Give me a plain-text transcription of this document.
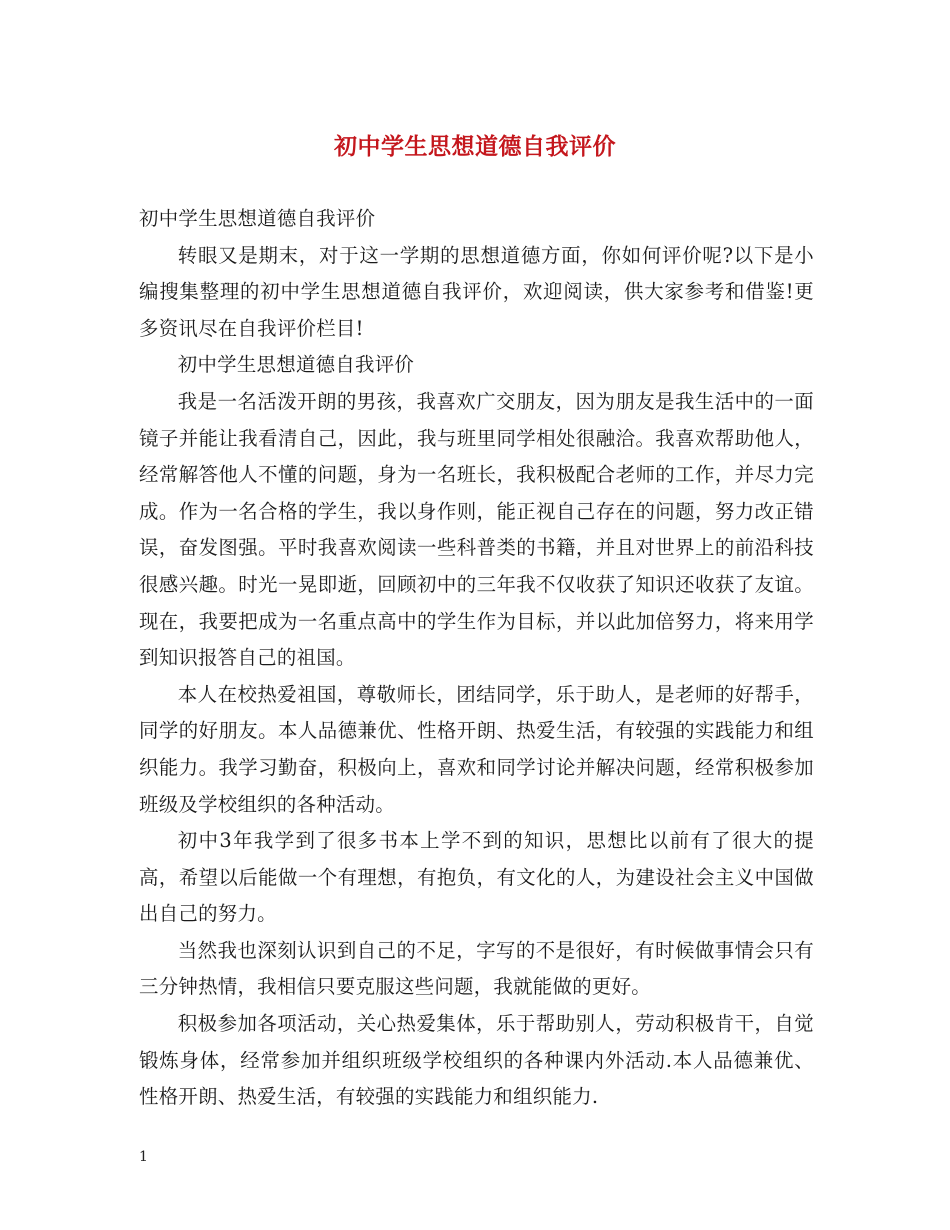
初中学生思想道德自我评价

初中学生思想道德自我评价

转眼又是期末，对于这一学期的思想道德方面，你如何评价呢?以下是小编搜集整理的初中学生思想道德自我评价，欢迎阅读，供大家参考和借鉴!更多资讯尽在自我评价栏目!

初中学生思想道德自我评价

我是一名活泼开朗的男孩，我喜欢广交朋友，因为朋友是我生活中的一面镜子并能让我看清自己，因此，我与班里同学相处很融洽。我喜欢帮助他人，经常解答他人不懂的问题，身为一名班长，我积极配合老师的工作，并尽力完成。作为一名合格的学生，我以身作则，能正视自己存在的问题，努力改正错误，奋发图强。平时我喜欢阅读一些科普类的书籍，并且对世界上的前沿科技很感兴趣。时光一晃即逝，回顾初中的三年我不仅收获了知识还收获了友谊。现在，我要把成为一名重点高中的学生作为目标，并以此加倍努力，将来用学到知识报答自己的祖国。

本人在校热爱祖国，尊敬师长，团结同学，乐于助人，是老师的好帮手，同学的好朋友。本人品德兼优、性格开朗、热爱生活，有较强的实践能力和组织能力。我学习勤奋，积极向上，喜欢和同学讨论并解决问题，经常积极参加班级及学校组织的各种活动。

初中3年我学到了很多书本上学不到的知识，思想比以前有了很大的提高，希望以后能做一个有理想，有抱负，有文化的人，为建设社会主义中国做出自己的努力。

当然我也深刻认识到自己的不足，字写的不是很好，有时候做事情会只有三分钟热情，我相信只要克服这些问题，我就能做的更好。

积极参加各项活动，关心热爱集体，乐于帮助别人，劳动积极肯干，自觉锻炼身体，经常参加并组织班级学校组织的各种课内外活动.本人品德兼优、性格开朗、热爱生活，有较强的实践能力和组织能力.

1
